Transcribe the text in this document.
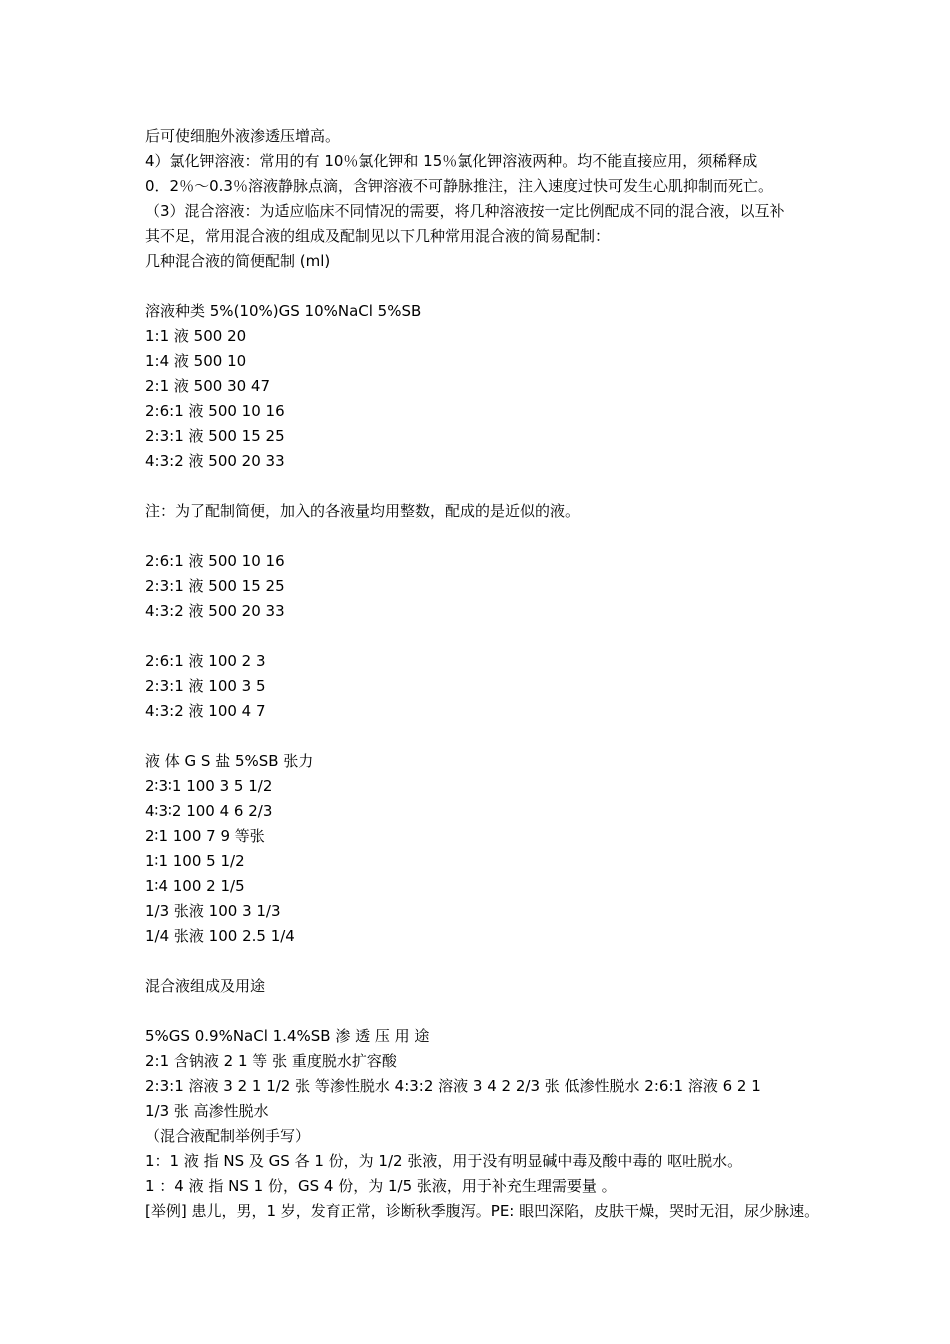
后可使细胞外液渗透压增高。
4）氯化钾溶液：常用的有 10％氯化钾和 15％氯化钾溶液两种。均不能直接应用，须稀释成
0．2％～0.3％溶液静脉点滴，含钾溶液不可静脉推注，注入速度过快可发生心肌抑制而死亡。
（3）混合溶液：为适应临床不同情况的需要，将几种溶液按一定比例配成不同的混合液，以互补
其不足，常用混合液的组成及配制见以下几种常用混合液的简易配制：
几种混合液的简便配制 (ml)
溶液种类 5%(10%)GS 10%NaCl 5%SB
1:1 液 500 20
1:4 液 500 10
2:1 液 500 30 47
2:6:1 液 500 10 16
2:3:1 液 500 15 25
4:3:2 液 500 20 33
注：为了配制简便，加入的各液量均用整数，配成的是近似的液。
2:6:1 液 500 10 16
2:3:1 液 500 15 25
4:3:2 液 500 20 33
2:6:1 液 100 2 3
2:3:1 液 100 3 5
4:3:2 液 100 4 7
液 体 G S 盐 5%SB 张力
2∶3∶1 100 3 5 1/2
4∶3∶2 100 4 6 2/3
2∶1 100 7 9 等张
1∶1 100 5 1/2
1∶4 100 2 1/5
1/3 张液 100 3 1/3
1/4 张液 100 2.5 1/4
混合液组成及用途
5%GS 0.9%NaCl 1.4%SB 渗 透 压 用 途
2:1 含钠液 2 1 等 张 重度脱水扩容酸
2:3:1 溶液 3 2 1 1/2 张 等渗性脱水 4:3:2 溶液 3 4 2 2/3 张 低渗性脱水 2:6:1 溶液 6 2 1
1/3 张 高渗性脱水
（混合液配制举例手写）
1：1 液 指 NS 及 GS 各 1 份，为 1/2 张液，用于没有明显碱中毒及酸中毒的 呕吐脱水。
1 ：4 液 指 NS 1 份，GS 4 份，为 1/5 张液，用于补充生理需要量 。
[举例] 患儿，男，1 岁，发育正常，诊断秋季腹泻。PE: 眼凹深陷，皮肤干燥，哭时无泪，尿少脉速。
